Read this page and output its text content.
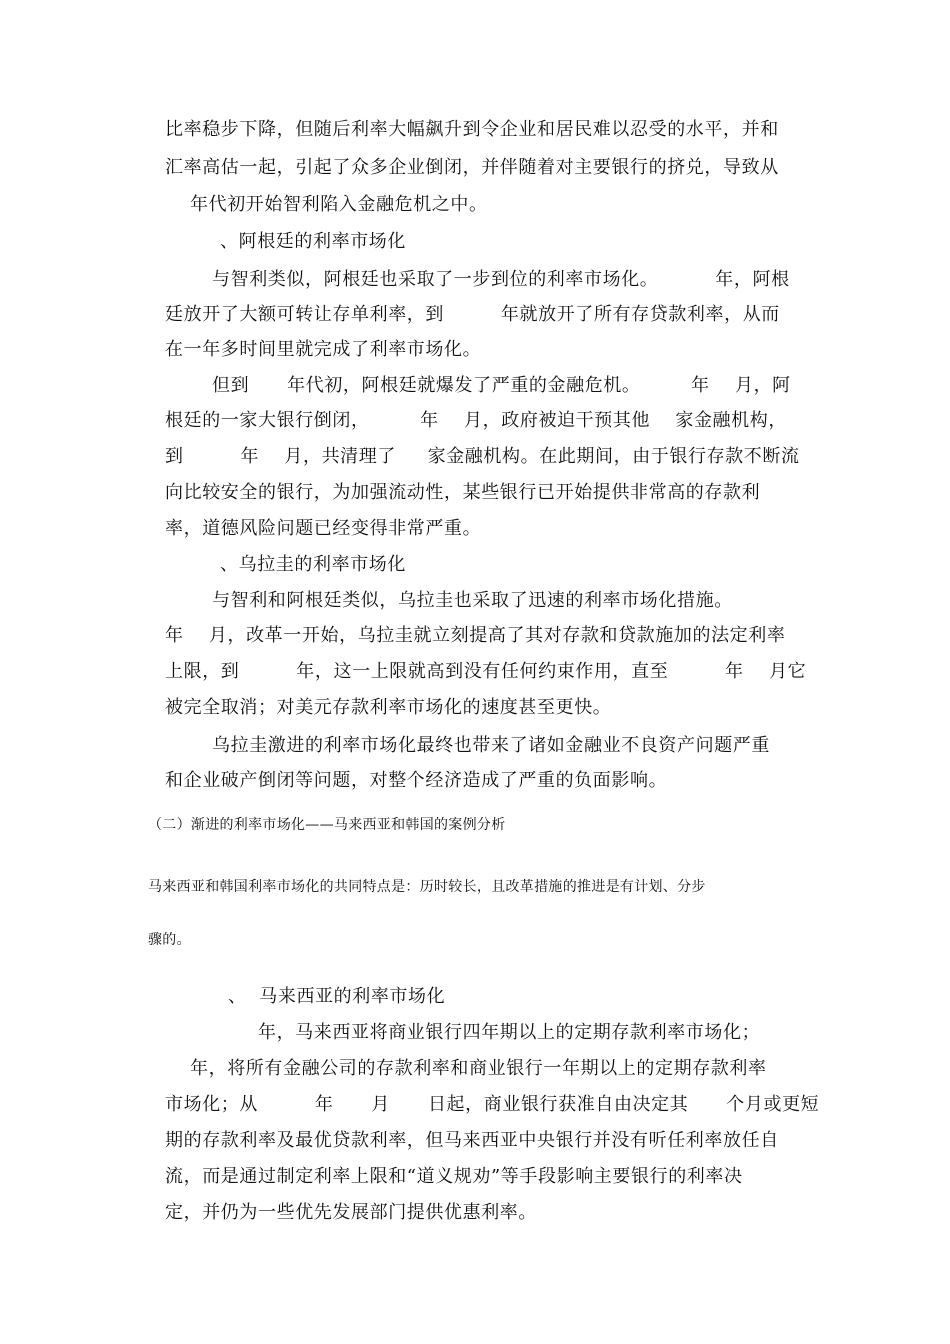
比率稳步下降，但随后利率大幅飙升到令企业和居民难以忍受的水平，并和
汇率高估一起，引起了众多企业倒闭，并伴随着对主要银行的挤兑，导致从
年代初开始智利陷入金融危机之中。
、阿根廷的利率市场化
与智利类似，阿根廷也采取了一步到位的利率市场化。         年，阿根
廷放开了大额可转让存单利率，到         年就放开了所有存贷款利率，从而
在一年多时间里就完成了利率市场化。
但到      年代初，阿根廷就爆发了严重的金融危机。        年    月，阿
根廷的一家大银行倒闭，        年    月，政府被迫干预其他    家金融机构，
到         年    月，共清理了     家金融机构。在此期间，由于银行存款不断流
向比较安全的银行，为加强流动性，某些银行已开始提供非常高的存款利
率，道德风险问题已经变得非常严重。
、乌拉圭的利率市场化
与智利和阿根廷类似，乌拉圭也采取了迅速的利率市场化措施。
年    月，改革一开始，乌拉圭就立刻提高了其对存款和贷款施加的法定利率
上限，到         年，这一上限就高到没有任何约束作用，直至         年    月它
被完全取消；对美元存款利率市场化的速度甚至更快。
乌拉圭激进的利率市场化最终也带来了诸如金融业不良资产问题严重
和企业破产倒闭等问题，对整个经济造成了严重的负面影响。
（二）渐进的利率市场化——马来西亚和韩国的案例分析
马来西亚和韩国利率市场化的共同特点是：历时较长，且改革措施的推进是有计划、分步
骤的。
、  马来西亚的利率市场化
年，马来西亚将商业银行四年期以上的定期存款利率市场化；
年，将所有金融公司的存款利率和商业银行一年期以上的定期存款利率
市场化；从         年      月      日起，商业银行获准自由决定其      个月或更短
期的存款利率及最优贷款利率，但马来西亚中央银行并没有听任利率放任自
流，而是通过制定利率上限和“道义规劝”等手段影响主要银行的利率决
定，并仍为一些优先发展部门提供优惠利率。
